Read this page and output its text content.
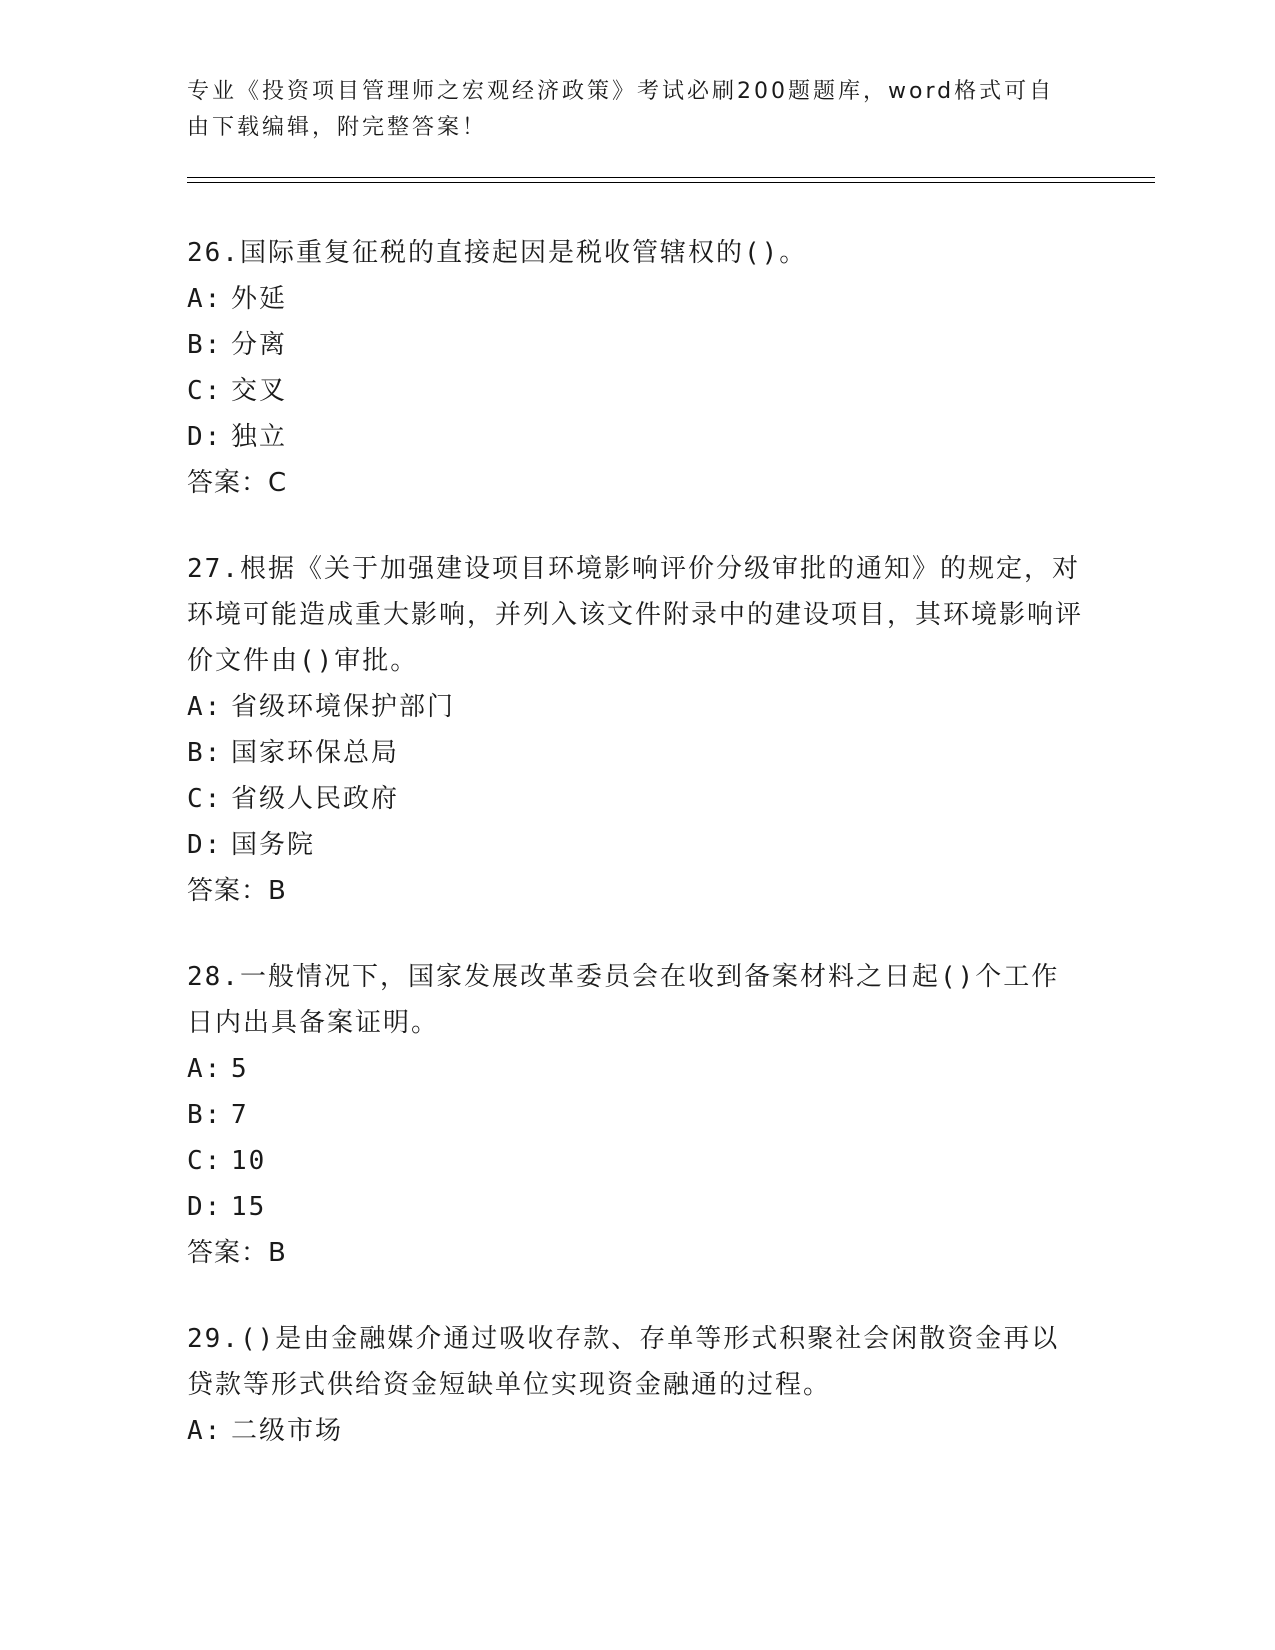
专业《投资项目管理师之宏观经济政策》考试必刷200题题库，word格式可自由下载编辑，附完整答案！
26.国际重复征税的直接起因是税收管辖权的()。
A: 外延
B: 分离
C: 交叉
D: 独立
答案：C
27.根据《关于加强建设项目环境影响评价分级审批的通知》的规定，对环境可能造成重大影响，并列入该文件附录中的建设项目，其环境影响评价文件由()审批。
A: 省级环境保护部门
B: 国家环保总局
C: 省级人民政府
D: 国务院
答案：B
28.一般情况下，国家发展改革委员会在收到备案材料之日起()个工作日内出具备案证明。
A: 5
B: 7
C: 10
D: 15
答案：B
29.()是由金融媒介通过吸收存款、存单等形式积聚社会闲散资金再以贷款等形式供给资金短缺单位实现资金融通的过程。
A: 二级市场
